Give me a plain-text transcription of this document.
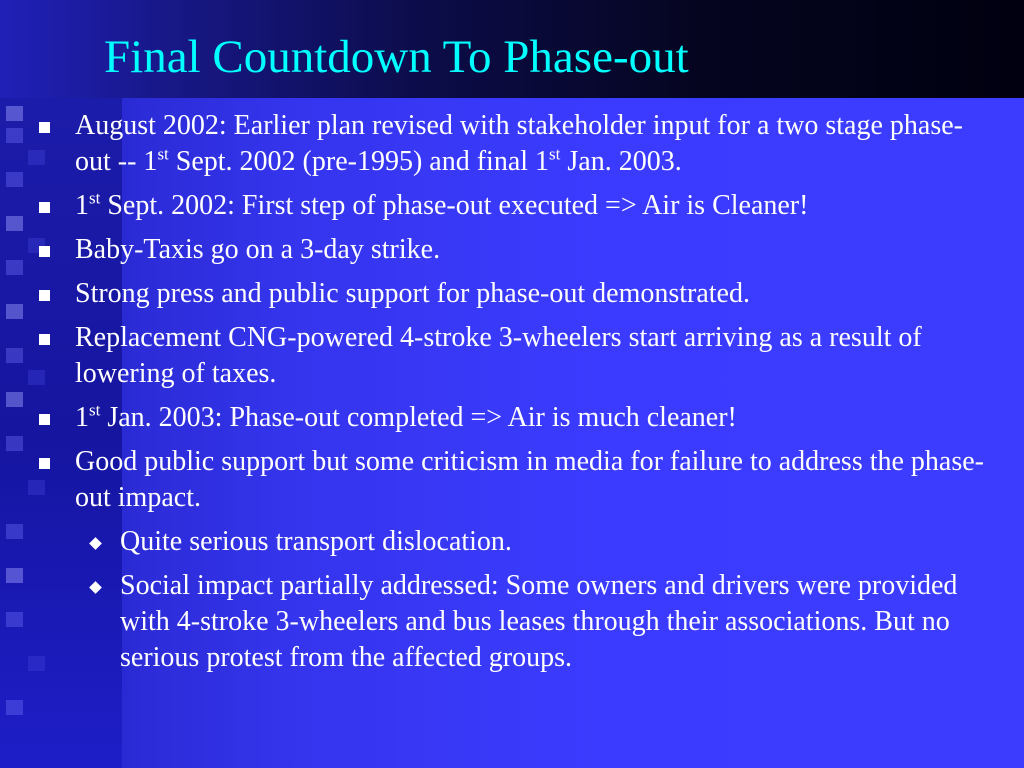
Final Countdown To Phase-out
August 2002: Earlier plan revised with stakeholder input for a two stage phase-out -- 1st Sept. 2002 (pre-1995) and final 1st Jan. 2003.
1st Sept. 2002: First step of phase-out executed => Air is Cleaner!
Baby-Taxis go on a 3-day strike.
Strong press and public support for phase-out demonstrated.
Replacement CNG-powered 4-stroke 3-wheelers start arriving as a result of lowering of taxes.
1st Jan. 2003: Phase-out completed => Air is much cleaner!
Good public support but some criticism in media for failure to address the phase-out impact.
Quite serious transport dislocation.
Social impact partially addressed: Some owners and drivers were provided with 4-stroke 3-wheelers and bus leases through their associations. But no serious protest from the affected groups.
